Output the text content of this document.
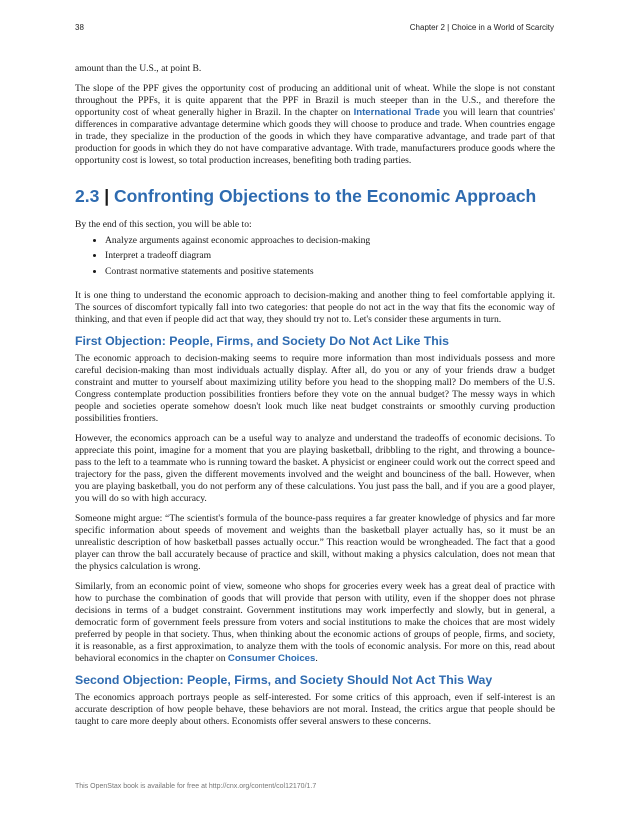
38	Chapter 2 | Choice in a World of Scarcity

amount than the U.S., at point B.

The slope of the PPF gives the opportunity cost of producing an additional unit of wheat. While the slope is not constant throughout the PPFs, it is quite apparent that the PPF in Brazil is much steeper than in the U.S., and therefore the opportunity cost of wheat generally higher in Brazil. In the chapter on International Trade you will learn that countries' differences in comparative advantage determine which goods they will choose to produce and trade. When countries engage in trade, they specialize in the production of the goods in which they have comparative advantage, and trade part of that production for goods in which they do not have comparative advantage. With trade, manufacturers produce goods where the opportunity cost is lowest, so total production increases, benefiting both trading parties.

2.3 | Confronting Objections to the Economic Approach

By the end of this section, you will be able to:

• Analyze arguments against economic approaches to decision-making
• Interpret a tradeoff diagram
• Contrast normative statements and positive statements

It is one thing to understand the economic approach to decision-making and another thing to feel comfortable applying it. The sources of discomfort typically fall into two categories: that people do not act in the way that fits the economic way of thinking, and that even if people did act that way, they should try not to. Let's consider these arguments in turn.

First Objection: People, Firms, and Society Do Not Act Like This

The economic approach to decision-making seems to require more information than most individuals possess and more careful decision-making than most individuals actually display. After all, do you or any of your friends draw a budget constraint and mutter to yourself about maximizing utility before you head to the shopping mall? Do members of the U.S. Congress contemplate production possibilities frontiers before they vote on the annual budget? The messy ways in which people and societies operate somehow doesn't look much like neat budget constraints or smoothly curving production possibilities frontiers.

However, the economics approach can be a useful way to analyze and understand the tradeoffs of economic decisions. To appreciate this point, imagine for a moment that you are playing basketball, dribbling to the right, and throwing a bounce-pass to the left to a teammate who is running toward the basket. A physicist or engineer could work out the correct speed and trajectory for the pass, given the different movements involved and the weight and bounciness of the ball. However, when you are playing basketball, you do not perform any of these calculations. You just pass the ball, and if you are a good player, you will do so with high accuracy.

Someone might argue: “The scientist's formula of the bounce-pass requires a far greater knowledge of physics and far more specific information about speeds of movement and weights than the basketball player actually has, so it must be an unrealistic description of how basketball passes actually occur.” This reaction would be wrongheaded. The fact that a good player can throw the ball accurately because of practice and skill, without making a physics calculation, does not mean that the physics calculation is wrong.

Similarly, from an economic point of view, someone who shops for groceries every week has a great deal of practice with how to purchase the combination of goods that will provide that person with utility, even if the shopper does not phrase decisions in terms of a budget constraint. Government institutions may work imperfectly and slowly, but in general, a democratic form of government feels pressure from voters and social institutions to make the choices that are most widely preferred by people in that society. Thus, when thinking about the economic actions of groups of people, firms, and society, it is reasonable, as a first approximation, to analyze them with the tools of economic analysis. For more on this, read about behavioral economics in the chapter on Consumer Choices.

Second Objection: People, Firms, and Society Should Not Act This Way

The economics approach portrays people as self-interested. For some critics of this approach, even if self-interest is an accurate description of how people behave, these behaviors are not moral. Instead, the critics argue that people should be taught to care more deeply about others. Economists offer several answers to these concerns.

This OpenStax book is available for free at http://cnx.org/content/col12170/1.7
